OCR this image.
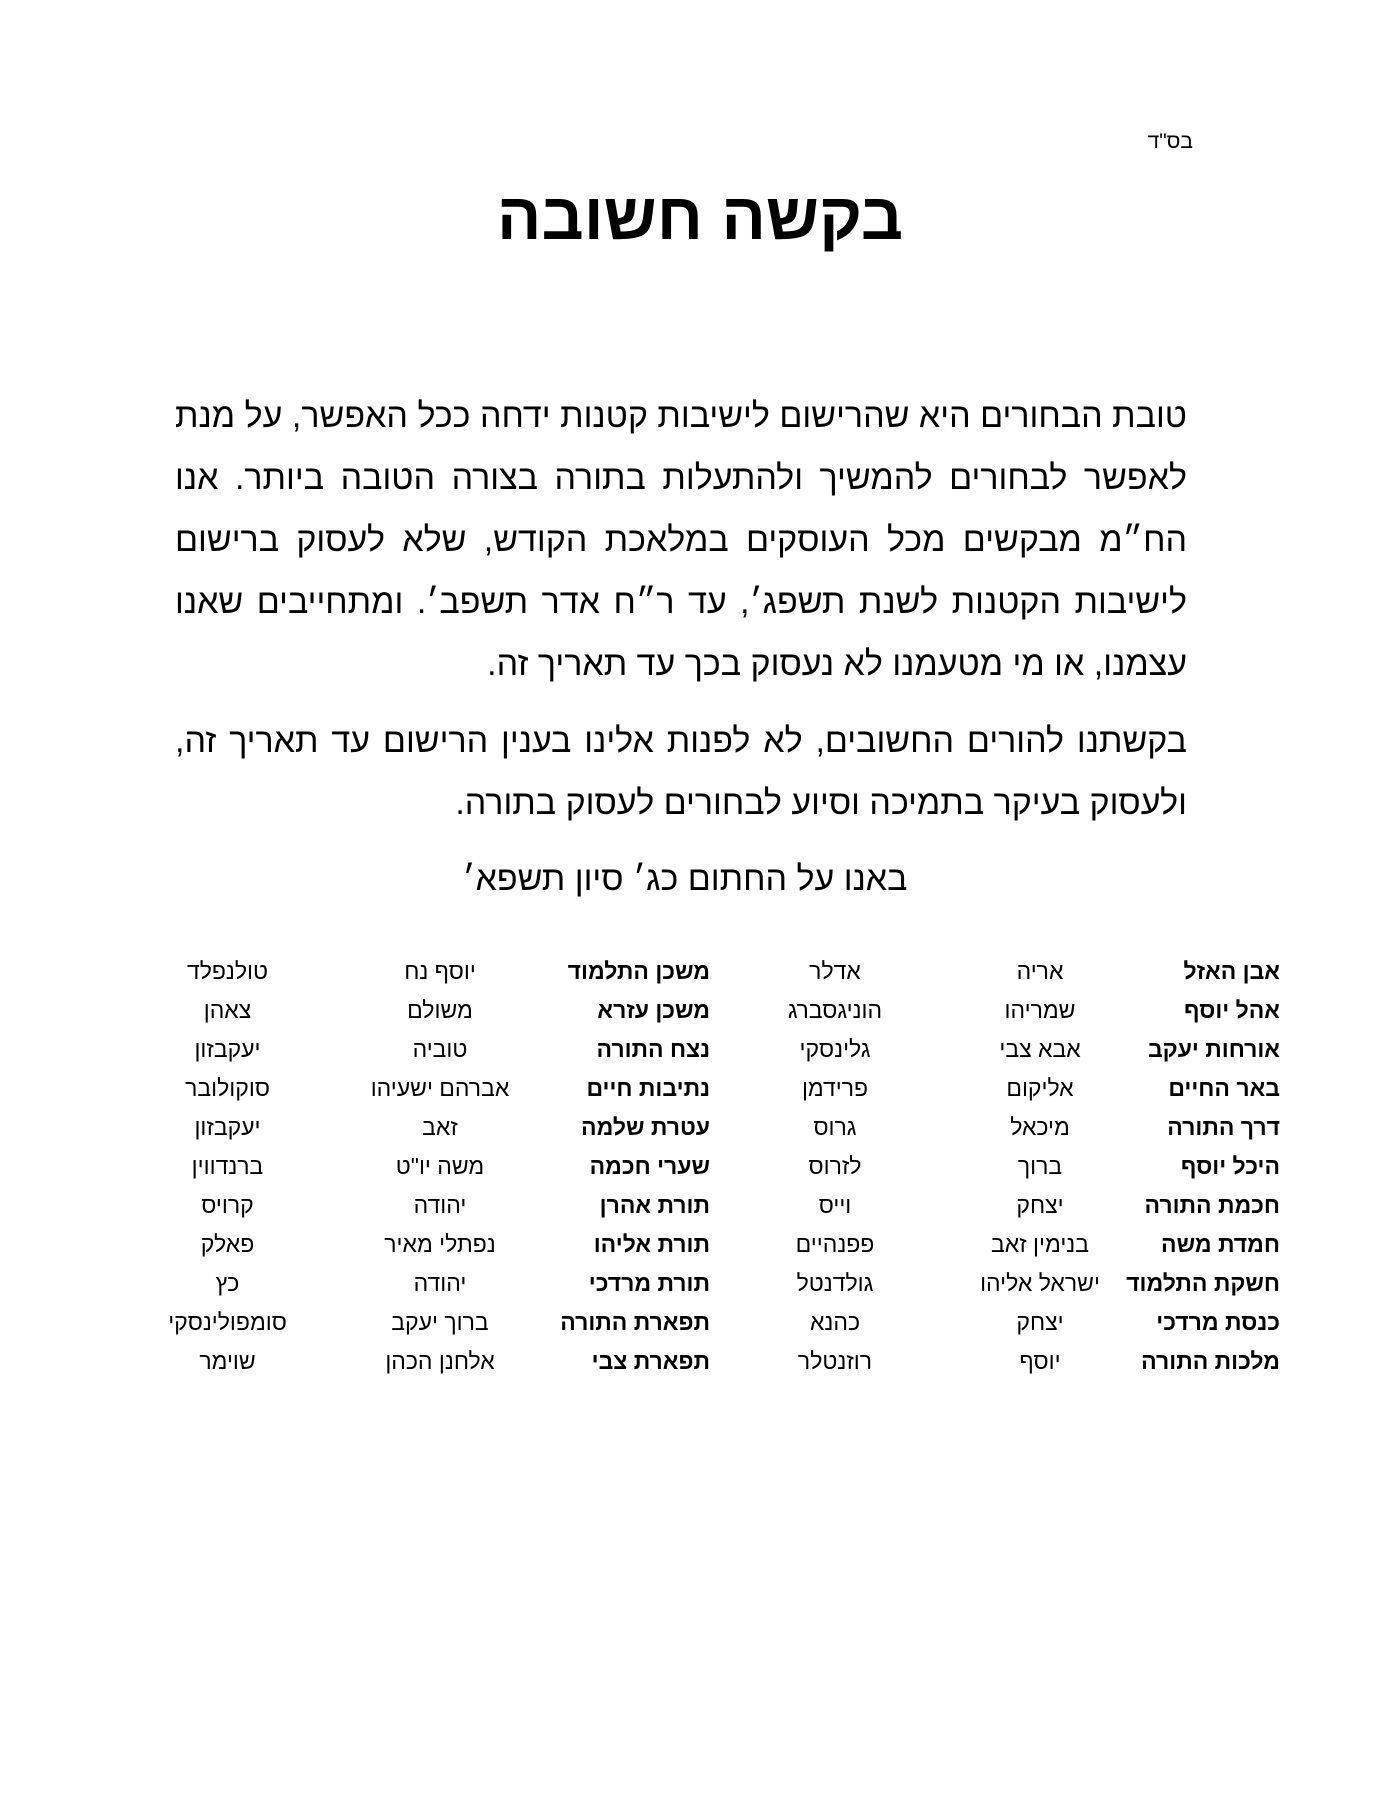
בס"ד
בקשה חשובה

טובת הבחורים היא שהרישום לישיבות קטנות ידחה ככל האפשר, על מנת לאפשר לבחורים להמשיך ולהתעלות בתורה בצורה הטובה ביותר. אנו הח״מ מבקשים מכל העוסקים במלאכת הקודש, שלא לעסוק ברישום לישיבות הקטנות לשנת תשפג׳, עד ר״ח אדר תשפב׳. ומתחייבים שאנו עצמנו, או מי מטעמנו לא נעסוק בכך עד תאריך זה.

בקשתנו להורים החשובים, לא לפנות אלינו בענין הרישום עד תאריך זה, ולעסוק בעיקר בתמיכה וסיוע לבחורים לעסוק בתורה.

באנו על החתום כג׳ סיון תשפא׳
אבן האזל	אריה	אדלר	משכן התלמוד	יוסף נח	טולנפלד
אהל יוסף	שמריהו	הוניגסברג	משכן עזרא	משולם	צאהן
אורחות יעקב	אבא צבי	גלינסקי	נצח התורה	טוביה	יעקבזון
באר החיים	אליקום	פרידמן	נתיבות חיים	אברהם ישעיהו	סוקולובר
דרך התורה	מיכאל	גרוס	עטרת שלמה	זאב	יעקבזון
היכל יוסף	ברוך	לזרוס	שערי חכמה	משה יו"ט	ברנדווין
חכמת התורה	יצחק	וייס	תורת אהרן	יהודה	קרויס
חמדת משה	בנימין זאב	פפנהיים	תורת אליהו	נפתלי מאיר	פאלק
חשקת התלמוד	ישראל אליהו	גולדנטל	תורת מרדכי	יהודה	כץ
כנסת מרדכי	יצחק	כהנא	תפארת התורה	ברוך יעקב	סומפולינסקי
מלכות התורה	יוסף	רוזנטלר	תפארת צבי	אלחנן הכהן	שוימר
